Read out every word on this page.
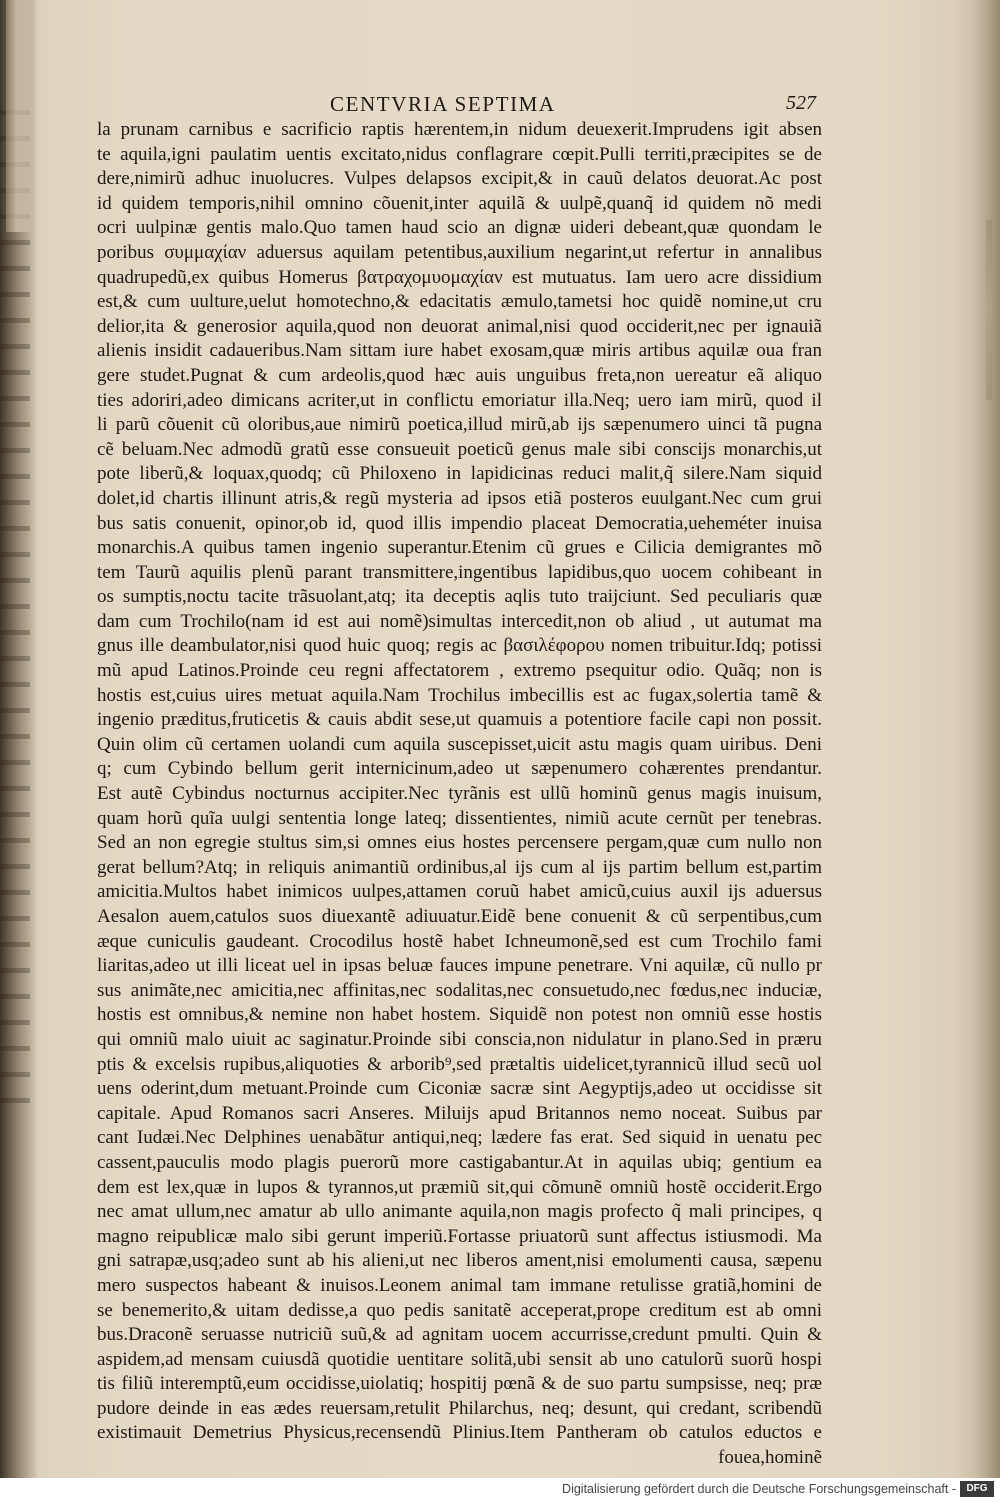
CENTVRIA SEPTIMA	527
la prunam carnibus e sacrificio raptis hærentem,in nidum deuexerit.Imprudens igit absen
te aquila,igni paulatim uentis excitato,nidus conflagrare cœpit.Pulli territi,præcipites se de
dere,nimirũ adhuc inuolucres. Vulpes delapsos excipit,& in cauũ delatos deuorat.Ac post
id quidem temporis,nihil omnino cõuenit,inter aquilã & uulpẽ,quanq̃ id quidem nõ medi
ocri uulpinæ gentis malo.Quo tamen haud scio an dignæ uideri debeant,quæ quondam le
poribus συμμαχίαν aduersus aquilam petentibus,auxilium negarint,ut refertur in annalibus
quadrupedũ,ex quibus Homerus βατραχομυομαχίαν est mutuatus. Iam uero acre dissidium
est,& cum uulture,uelut homotechno,& edacitatis æmulo,tametsi hoc quidẽ nomine,ut cru
delior,ita & generosior aquila,quod non deuorat animal,nisi quod occiderit,nec per ignauiã
alienis insidit cadaueribus.Nam sittam iure habet exosam,quæ miris artibus aquilæ oua fran
gere studet.Pugnat & cum ardeolis,quod hæc auis unguibus freta,non uereatur eã aliquo
ties adoriri,adeo dimicans acriter,ut in conflictu emoriatur illa.Neq; uero iam mirũ, quod il
li parũ cõuenit cũ oloribus,aue nimirũ poetica,illud mirũ,ab ijs sæpenumero uinci tã pugna
cẽ beluam.Nec admodũ gratũ esse consueuit poeticũ genus male sibi conscijs monarchis,ut
pote liberũ,& loquax,quodq; cũ Philoxeno in lapidicinas reduci malit,q̃ silere.Nam siquid
dolet,id chartis illinunt atris,& regũ mysteria ad ipsos etiã posteros euulgant.Nec cum grui
bus satis conuenit, opinor,ob id, quod illis impendio placeat Democratia,ueheméter inuisa
monarchis.A quibus tamen ingenio superantur.Etenim cũ grues e Cilicia demigrantes mõ
tem Taurũ aquilis plenũ parant transmittere,ingentibus lapidibus,quo uocem cohibeant in
os sumptis,noctu tacite trãsuolant,atq; ita deceptis aqlis tuto traijciunt. Sed peculiaris quæ
dam cum Trochilo(nam id est aui nomẽ)simultas intercedit,non ob aliud , ut autumat ma
gnus ille deambulator,nisi quod huic quoq; regis ac βασιλέφορου nomen tribuitur.Idq; potissi
mũ apud Latinos.Proinde ceu regni affectatorem , extremo psequitur odio. Quãq; non is
hostis est,cuius uires metuat aquila.Nam Trochilus imbecillis est ac fugax,solertia tamẽ &
ingenio præditus,fruticetis & cauis abdit sese,ut quamuis a potentiore facile capi non possit.
Quin olim cũ certamen uolandi cum aquila suscepisset,uicit astu magis quam uiribus. Deni
q; cum Cybindo bellum gerit internicinum,adeo ut sæpenumero cohærentes prendantur.
Est autẽ Cybindus nocturnus accipiter.Nec tyrãnis est ullũ hominũ genus magis inuisum,
quam horũ quĩa uulgi sententia longe lateq; dissentientes, nimiũ acute cernũt per tenebras.
Sed an non egregie stultus sim,si omnes eius hostes percensere pergam,quæ cum nullo non
gerat bellum?Atq; in reliquis animantiũ ordinibus,al ijs cum al ijs partim bellum est,partim
amicitia.Multos habet inimicos uulpes,attamen coruũ habet amicũ,cuius auxil ijs aduersus
Aesalon auem,catulos suos diuexantẽ adiuuatur.Eidẽ bene conuenit & cũ serpentibus,cum
æque cuniculis gaudeant. Crocodilus hostẽ habet Ichneumonẽ,sed est cum Trochilo fami
liaritas,adeo ut illi liceat uel in ipsas beluæ fauces impune penetrare. Vni aquilæ, cũ nullo pr
sus animãte,nec amicitia,nec affinitas,nec sodalitas,nec consuetudo,nec fœdus,nec induciæ,
hostis est omnibus,& nemine non habet hostem. Siquidẽ non potest non omniũ esse hostis
qui omniũ malo uiuit ac saginatur.Proinde sibi conscia,non nidulatur in plano.Sed in præru
ptis & excelsis rupibus,aliquoties & arborib⁹,sed prætaltis uidelicet,tyrannicũ illud secũ uol
uens oderint,dum metuant.Proinde cum Ciconiæ sacræ sint Aegyptijs,adeo ut occidisse sit
capitale. Apud Romanos sacri Anseres. Miluijs apud Britannos nemo noceat. Suibus par
cant Iudæi.Nec Delphines uenabãtur antiqui,neq; lædere fas erat. Sed siquid in uenatu pec
cassent,pauculis modo plagis puerorũ more castigabantur.At in aquilas ubiq; gentium ea
dem est lex,quæ in lupos & tyrannos,ut præmiũ sit,qui cõmunẽ omniũ hostẽ occiderit.Ergo
nec amat ullum,nec amatur ab ullo animante aquila,non magis profecto q̃ mali principes, q
magno reipublicæ malo sibi gerunt imperiũ.Fortasse priuatorũ sunt affectus istiusmodi. Ma
gni satrapæ,usq;adeo sunt ab his alieni,ut nec liberos ament,nisi emolumenti causa, sæpenu
mero suspectos habeant & inuisos.Leonem animal tam immane retulisse gratiã,homini de
se benemerito,& uitam dedisse,a quo pedis sanitatẽ acceperat,prope creditum est ab omni
bus.Draconẽ seruasse nutriciũ suũ,& ad agnitam uocem accurrisse,credunt pmulti. Quin &
aspidem,ad mensam cuiusdã quotidie uentitare solitã,ubi sensit ab uno catulorũ suorũ hospi
tis filiũ interemptũ,eum occidisse,uiolatiq; hospitij pœnã & de suo partu sumpsisse, neq; præ
pudore deinde in eas ædes reuersam,retulit Philarchus, neq; desunt, qui credant, scribendũ
existimauit Demetrius Physicus,recensendũ Plinius.Item Pantheram ob catulos eductos e
fouea,hominẽ
Digitalisierung gefördert durch die Deutsche Forschungsgemeinschaft -	DFG
